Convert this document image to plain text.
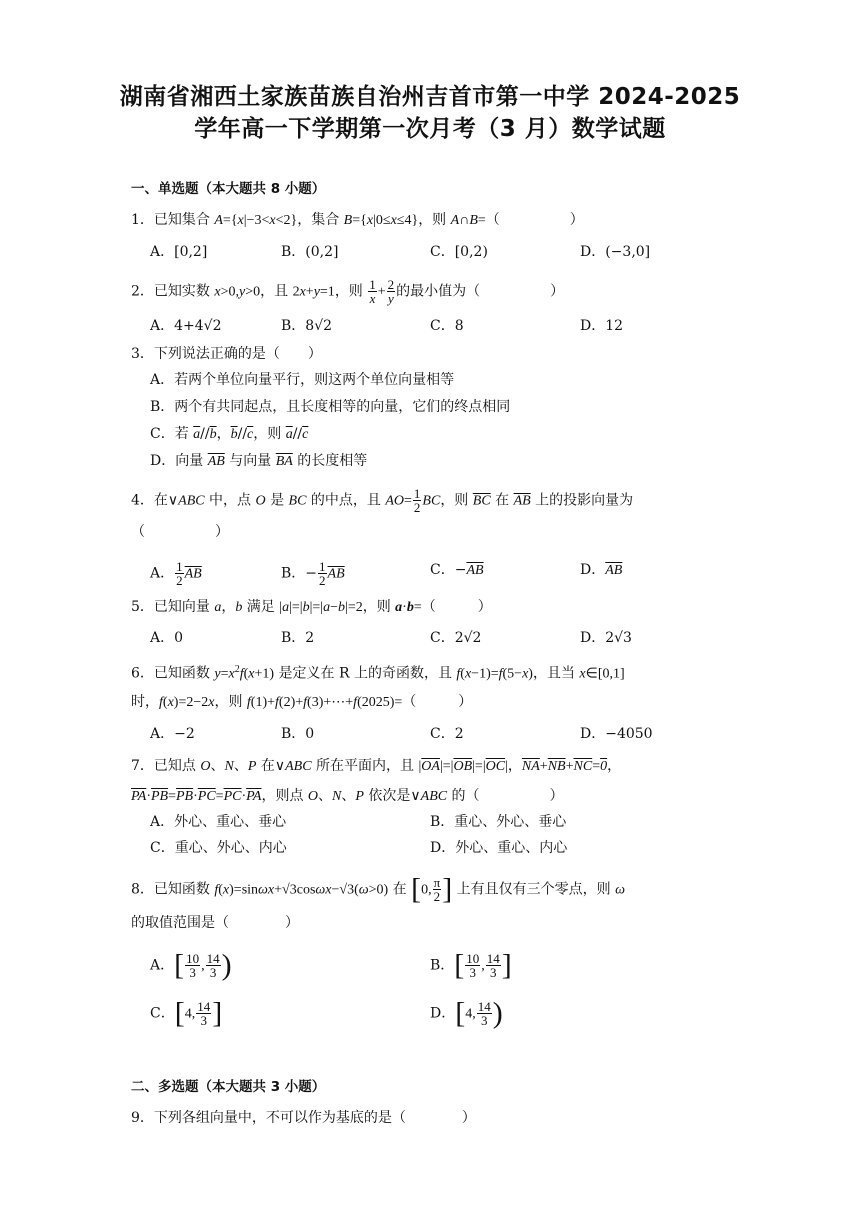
湖南省湘西土家族苗族自治州吉首市第一中学 2024-2025
学年高一下学期第一次月考（3 月）数学试题
一、单选题（本大题共 8 小题）
1．已知集合 A={x|−3<x<2}，集合 B={x|0≤x≤4}，则 A∩B=（　　　　　）
A．[0,2]	B．(0,2]	C．[0,2)	D．(−3,0]
2．已知实数 x>0,y>0，且 2x+y=1，则 $\frac{1}{x} + \frac{2}{y}$ 的最小值为（　　　　　）
A．4+4√2	B．8√2	C．8	D．12
3．下列说法正确的是（　　）
A．若两个单位向量平行，则这两个单位向量相等
B．两个有共同起点，且长度相等的向量，它们的终点相同
C．若 $\overline{a}//\overline{b}$，$\overline{b}//\overline{c}$，则 $\overline{a}//\overline{c}$
D．向量 $\overline{AB}$ 与向量 $\overline{BA}$ 的长度相等
4．在∨ABC 中，点 O 是 BC 的中点，且 $AO= \frac{1}{2}$ BC，则 $\overline{BC}$ 在 $\overline{AB}$ 上的投影向量为
（　　　　　）
A． $\frac{1}{2} \overline{AB}$	B．− $\frac{1}{2} \overline{AB}$	C．$-\overline{AB}$	D．$\overline{AB}$
5．已知向量 a，b 满足 |a|=|b|=|a−b|=2，则 a·b=（　　　）
A．0	B．2	C．2√2	D．2√3
6．已知函数 $y=x^2f(x+1)$ 是定义在 R 上的奇函数，且 f(x−1)=f(5−x)，且当 x∈[0,1]
时，f(x)=2−2x，则 f(1)+f(2)+f(3)+⋯+f(2025)=（　　　）
A．−2	B．0	C．2	D．−4050
7．已知点 O、N、P 在∨ABC 所在平面内，且 $|\overline{OA}|=|\overline{OB}|=|\overline{OC}|$，$\overline{NA}+\overline{NB}+\overline{NC}=0$，
$\overline{PA}\cdot\overline{PB}=\overline{PB}\cdot\overline{PC}=\overline{PC}\cdot\overline{PA}$，则点 O、N、P 依次是∨ABC 的（　　　　　）
A．外心、重心、垂心	B．重心、外心、垂心
C．重心、外心、内心	D．外心、重心、内心
8．已知函数 f(x)=sinωx+√3cosωx−√3(ω>0) 在 [0, $\frac{\pi}{2}$ ] 上有且仅有三个零点，则 ω
的取值范围是（　　　　）
A．[ $\frac{10}{3}$ , $\frac{14}{3}$ )	B．[ $\frac{10}{3}$ , $\frac{14}{3}$ ]
C．[4, $\frac{14}{3}$ ]	D．[4, $\frac{14}{3}$ )
二、多选题（本大题共 3 小题）
9．下列各组向量中，不可以作为基底的是（　　　　）
